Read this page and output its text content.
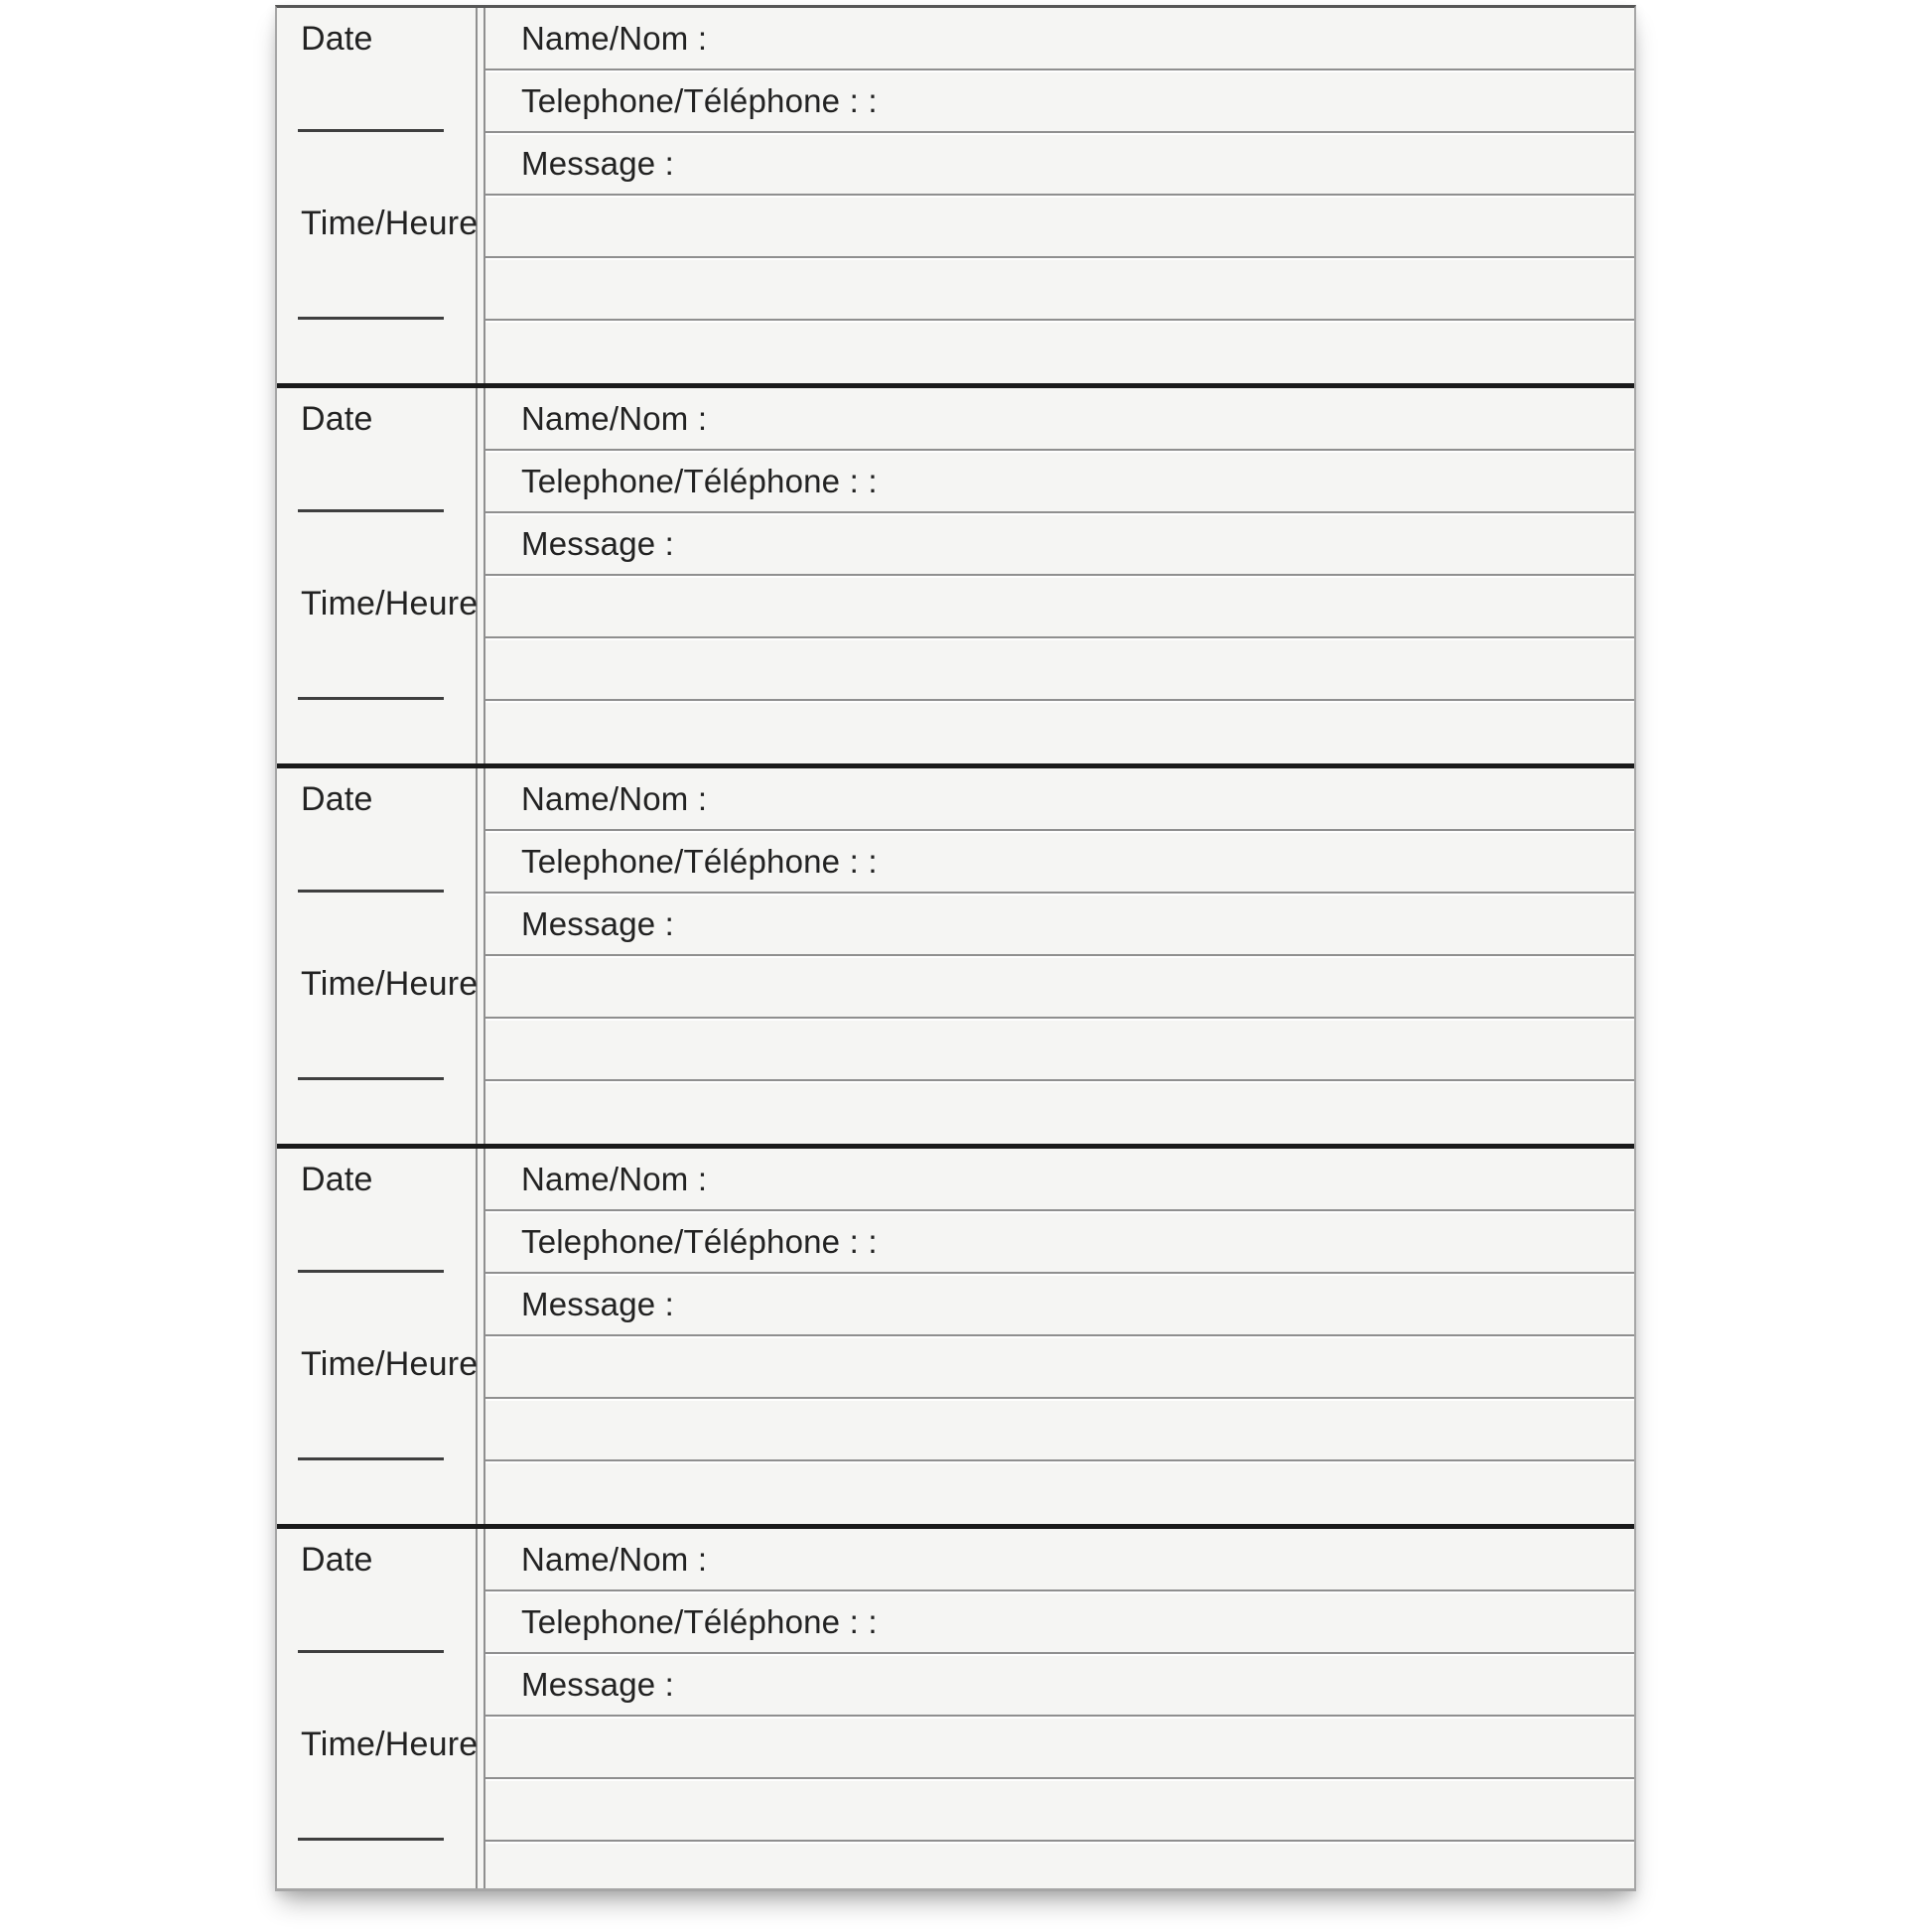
Date
Time/Heure
Name/Nom :
Telephone/Téléphone : :
Message :
Date
Time/Heure
Name/Nom :
Telephone/Téléphone : :
Message :
Date
Time/Heure
Name/Nom :
Telephone/Téléphone : :
Message :
Date
Time/Heure
Name/Nom :
Telephone/Téléphone : :
Message :
Date
Time/Heure
Name/Nom :
Telephone/Téléphone : :
Message :
